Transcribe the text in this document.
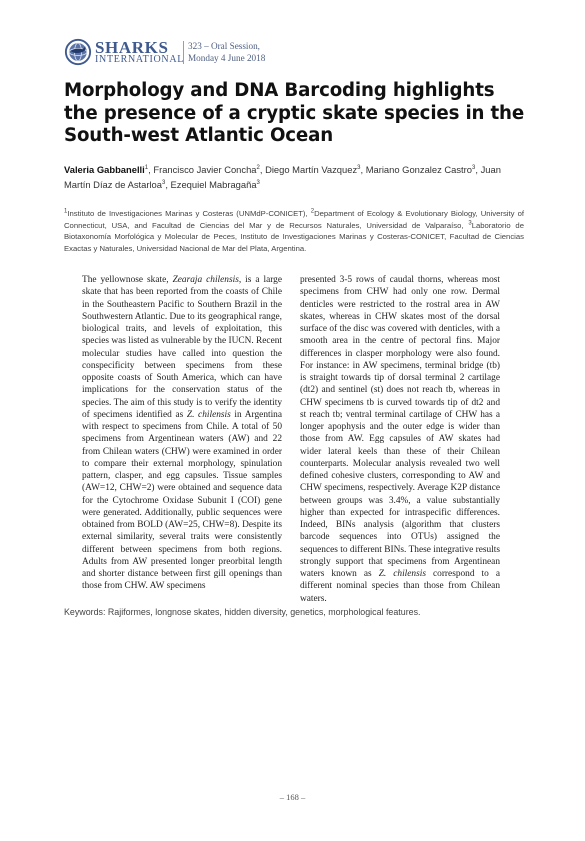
SHARKS
INTERNATIONAL
323 – Oral Session,
Monday 4 June 2018
Morphology and DNA Barcoding highlights the presence of a cryptic skate species in the South-west Atlantic Ocean
Valeria Gabbanelli$^1$, Francisco Javier Concha$^2$, Diego Martín Vazquez$^3$, Mariano Gonzalez Castro$^3$, Juan Martín Díaz de Astarloa$^3$, Ezequiel Mabragaña$^3$
$^1$Instituto de Investigaciones Marinas y Costeras (UNMdP-CONICET), $^2$Department of Ecology & Evolutionary Biology, University of Connecticut, USA, and Facultad de Ciencias del Mar y de Recursos Naturales, Universidad de Valparaíso, $^3$Laboratorio de Biotaxonomía Morfológica y Molecular de Peces, Instituto de Investigaciones Marinas y Costeras-CONICET, Facultad de Ciencias Exactas y Naturales, Universidad Nacional de Mar del Plata, Argentina.

The yellownose skate, Zearaja chilensis, is a large skate that has been reported from the coasts of Chile in the Southeastern Pacific to Southern Brazil in the Southwestern Atlantic. Due to its geographical range, biological traits, and levels of exploitation, this species was listed as vulnerable by the IUCN. Recent molecular studies have called into question the conspecificity between specimens from these opposite coasts of South America, which can have implications for the conservation status of the species. The aim of this study is to verify the identity of specimens identified as Z. chilensis in Argentina with respect to specimens from Chile. A total of 50 specimens from Argentinean waters (AW) and 22 from Chilean waters (CHW) were examined in order to compare their external morphology, spinulation pattern, clasper, and egg capsules. Tissue samples (AW=12, CHW=2) were obtained and sequence data for the Cytochrome Oxidase Subunit I (COI) gene were generated. Additionally, public sequences were obtained from BOLD (AW=25, CHW=8). Despite its external similarity, several traits were consistently different between specimens from both regions. Adults from AW presented longer preorbital length and shorter distance between first gill openings than those from CHW. AW specimens

presented 3-5 rows of caudal thorns, whereas most specimens from CHW had only one row. Dermal denticles were restricted to the rostral area in AW skates, whereas in CHW skates most of the dorsal surface of the disc was covered with denticles, with a smooth area in the centre of pectoral fins. Major differences in clasper morphology were also found. For instance: in AW specimens, terminal bridge (tb) is straight towards tip of dorsal terminal 2 cartilage (dt2) and sentinel (st) does not reach tb, whereas in CHW specimens tb is curved towards tip of dt2 and st reach tb; ventral terminal cartilage of CHW has a longer apophysis and the outer edge is wider than those from AW. Egg capsules of AW skates had wider lateral keels than these of their Chilean counterparts. Molecular analysis revealed two well defined cohesive clusters, corresponding to AW and CHW specimens, respectively. Average K2P distance between groups was 3.4%, a value substantially higher than expected for intraspecific differences. Indeed, BINs analysis (algorithm that clusters barcode sequences into OTUs) assigned the sequences to different BINs. These integrative results strongly support that specimens from Argentinean waters known as Z. chilensis correspond to a different nominal species than those from Chilean waters.

Keywords: Rajiformes, longnose skates, hidden diversity, genetics, morphological features.
– 168 –
